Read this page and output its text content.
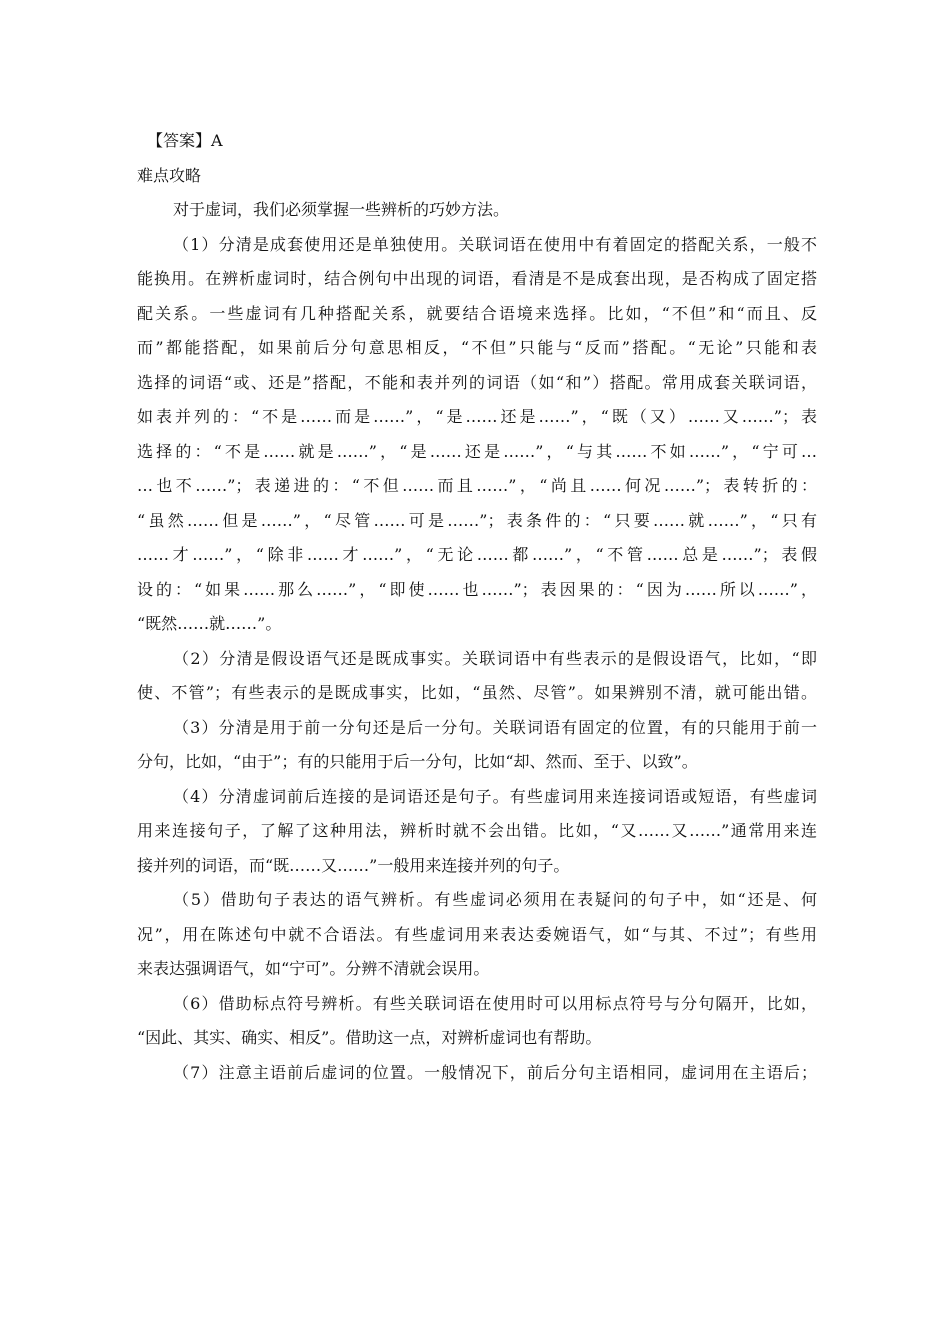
【答案】A
难点攻略
对于虚词，我们必须掌握一些辨析的巧妙方法。
（1）分清是成套使用还是单独使用。关联词语在使用中有着固定的搭配关系，一般不
能换用。在辨析虚词时，结合例句中出现的词语，看清是不是成套出现，是否构成了固定搭
配关系。一些虚词有几种搭配关系，就要结合语境来选择。比如，“不但”和“而且、反
而”都能搭配，如果前后分句意思相反，“不但”只能与“反而”搭配。“无论”只能和表
选择的词语“或、还是”搭配，不能和表并列的词语（如“和”）搭配。常用成套关联词语，
如表并列的：“不是……而是……”，“是……还是……”，“既（又）……又……”；表
选择的：“不是……就是……”，“是……还是……”，“与其……不如……”，“宁可…
…也不……”；表递进的：“不但……而且……”，“尚且……何况……”；表转折的：
“虽然……但是……”，“尽管……可是……”；表条件的：“只要……就……”，“只有
……才……”，“除非……才……”，“无论……都……”，“不管……总是……”；表假
设的：“如果……那么……”，“即使……也……”；表因果的：“因为……所以……”，
“既然……就……”。
（2）分清是假设语气还是既成事实。关联词语中有些表示的是假设语气，比如，“即
使、不管”；有些表示的是既成事实，比如，“虽然、尽管”。如果辨别不清，就可能出错。
（3）分清是用于前一分句还是后一分句。关联词语有固定的位置，有的只能用于前一
分句，比如，“由于”；有的只能用于后一分句，比如“却、然而、至于、以致”。
（4）分清虚词前后连接的是词语还是句子。有些虚词用来连接词语或短语，有些虚词
用来连接句子，了解了这种用法，辨析时就不会出错。比如，“又……又……”通常用来连
接并列的词语，而“既……又……”一般用来连接并列的句子。
（5）借助句子表达的语气辨析。有些虚词必须用在表疑问的句子中，如“还是、何
况”，用在陈述句中就不合语法。有些虚词用来表达委婉语气，如“与其、不过”；有些用
来表达强调语气，如“宁可”。分辨不清就会误用。
（6）借助标点符号辨析。有些关联词语在使用时可以用标点符号与分句隔开，比如，
“因此、其实、确实、相反”。借助这一点，对辨析虚词也有帮助。
（7）注意主语前后虚词的位置。一般情况下，前后分句主语相同，虚词用在主语后；
